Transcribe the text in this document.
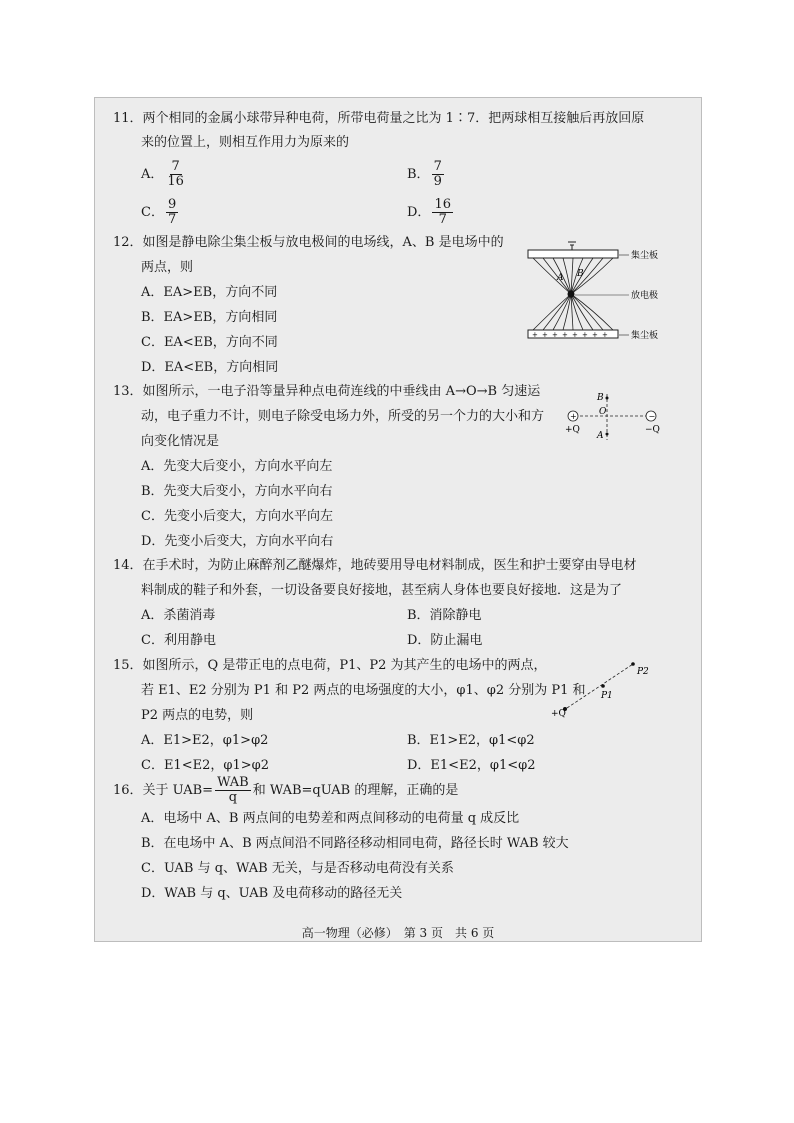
11．两个相同的金属小球带异种电荷，所带电荷量之比为 1∶7．把两球相互接触后再放回原
来的位置上，则相互作用力为原来的
A． $\frac{7}{16}$	B． $\frac{7}{9}$
C． $\frac{9}{7}$	D． $\frac{16}{7}$
12．如图是静电除尘集尘板与放电极间的电场线，A、B 是电场中的
两点，则
A．EA>EB，方向不同
B．EA>EB，方向相同
C．EA<EB，方向不同
D．EA<EB，方向相同
A B
+ + + + + + + +
集尘板
放电极
集尘板
13．如图所示，一电子沿等量异种点电荷连线的中垂线由 A→O→B 匀速运
动，电子重力不计，则电子除受电场力外，所受的另一个力的大小和方
向变化情况是
A．先变大后变小，方向水平向左
B．先变大后变小，方向水平向右
C．先变小后变大，方向水平向左
D．先变小后变大，方向水平向右
+	−
B
O
A
+Q	−Q
14．在手术时，为防止麻醉剂乙醚爆炸，地砖要用导电材料制成，医生和护士要穿由导电材
料制成的鞋子和外套，一切设备要良好接地，甚至病人身体也要良好接地．这是为了
A．杀菌消毒	B．消除静电
C．利用静电	D．防止漏电
15．如图所示，Q 是带正电的点电荷，P1、P2 为其产生的电场中的两点，
若 E1、E2 分别为 P1 和 P2 两点的电场强度的大小，φ1、φ2 分别为 P1 和
P2 两点的电势，则
A．E1>E2，φ1>φ2	B．E1>E2，φ1<φ2
C．E1<E2，φ1>φ2	D．E1<E2，φ1<φ2
+Q
P1
P2
16．关于 $UAB= \frac{\text{WAB}}{q}$ 和 WAB=qUAB 的理解，正确的是
A．电场中 A、B 两点间的电势差和两点间移动的电荷量 q 成反比
B．在电场中 A、B 两点间沿不同路径移动相同电荷，路径长时 WAB 较大
C．UAB 与 q、WAB 无关，与是否移动电荷没有关系
D．WAB 与 q、UAB 及电荷移动的路径无关
高一物理（必修）　第 3 页　共 6 页
